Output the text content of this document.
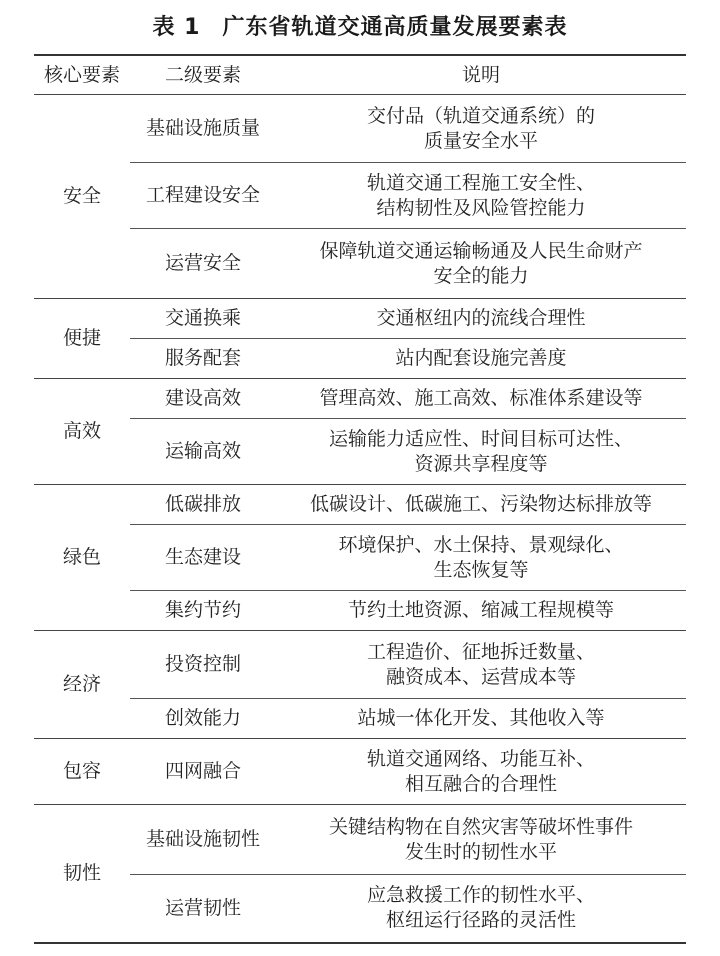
表 1 广东省轨道交通高质量发展要素表
核心要素	二级要素	说明
安全	基础设施质量	交付品（轨道交通系统）的
质量安全水平

	工程建设安全	轨道交通工程施工安全性、
结构韧性及风险管控能力

	运营安全	保障轨道交通运输畅通及人民生命财产
安全的能力

便捷	交通换乘	交通枢纽内的流线合理性

	服务配套	站内配套设施完善度

高效	建设高效	管理高效、施工高效、标准体系建设等

	运输高效	运输能力适应性、时间目标可达性、
资源共享程度等

绿色	低碳排放	低碳设计、低碳施工、污染物达标排放等

	生态建设	环境保护、水土保持、景观绿化、
生态恢复等

	集约节约	节约土地资源、缩减工程规模等

经济	投资控制	工程造价、征地拆迁数量、
融资成本、运营成本等

	创效能力	站城一体化开发、其他收入等

包容	四网融合	轨道交通网络、功能互补、
相互融合的合理性

韧性	基础设施韧性	关键结构物在自然灾害等破坏性事件
发生时的韧性水平

	运营韧性	应急救援工作的韧性水平、
枢纽运行径路的灵活性
